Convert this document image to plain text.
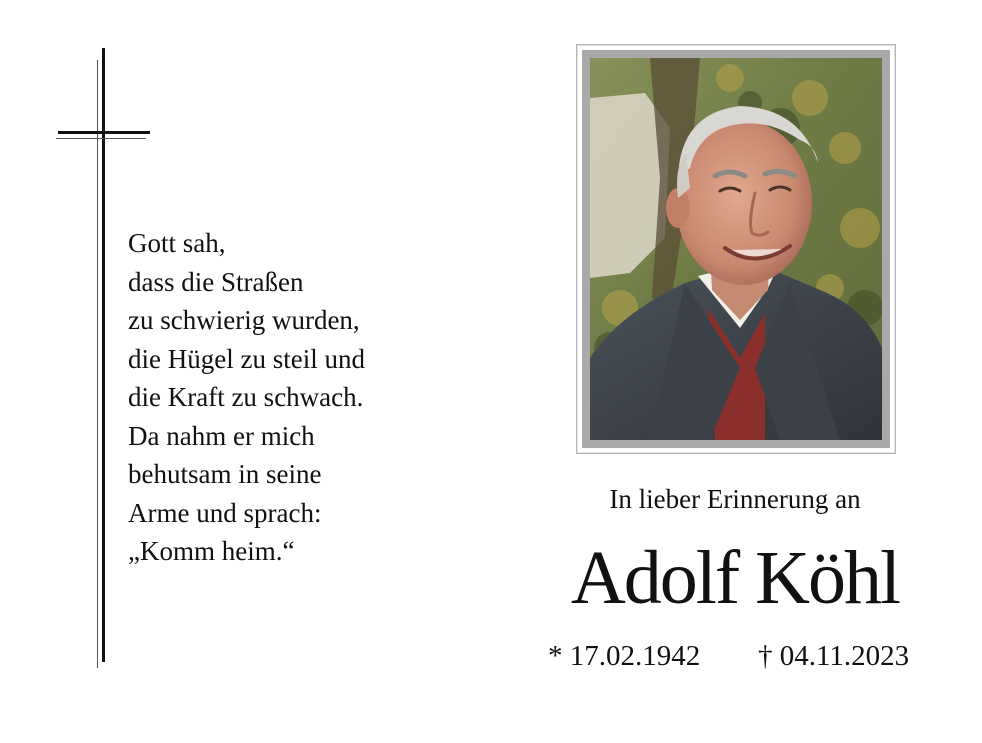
Gott sah,
dass die Straßen
zu schwierig wurden,
die Hügel zu steil und
die Kraft zu schwach.
Da nahm er mich
behutsam in seine
Arme und sprach:
„Komm heim.“
In lieber Erinnerung an
Adolf Köhl
* 17.02.1942 † 04.11.2023
